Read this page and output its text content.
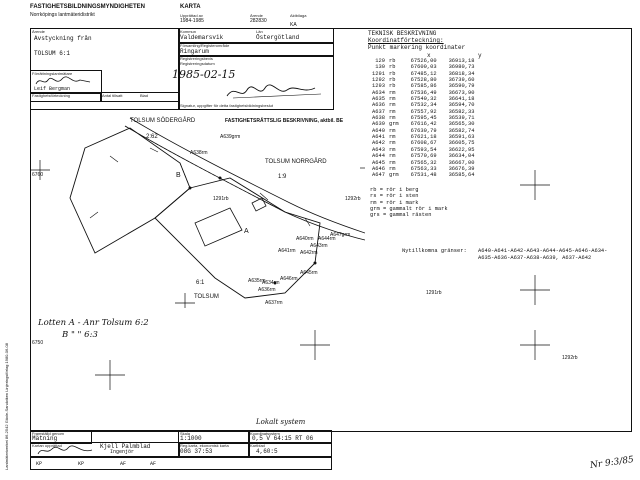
FASTIGHETSBILDNINGSMYNDIGHETEN
Norrköpings lantmäteridistrikt
KARTA
Upprättad av
1984-1985
Ärende
282830
Aktbilaga
KA
Ärende
Avstyckning från
TOLSUM 6:1
Kommun
Valdemarsvik
Län
Östergötland
Församling/Registerområde
Ringarum
Registreringsbevis
Registreringsdatum
1985-02-15
Signatur, uppgifter för detta fastighetsbildningsbeslut
Förrättningslantmätare
Leif Bergman
Fastighetsförteckning	Antal tillsatt	Blad
FASTIGHETSRÄTTSLIG BESKRIVNING, aktbil. BE
TOLSUM SÖDERGÅRD
2:62
B
TOLSUM NORRGÅRD
1:9
A
6:1
TOLSUM
1291rb	1292rb
A638rm
A639grm
A640rm
A641rm A642rm
A643rm
A644rm
A645rm
A646rm
A647grm
A634rm
A635rm
A636rm
A637rm
1291rb
6760
6750
1292rb
Lotten A - Anr Tolsum 6:2
B " " 6:3
TEKNISK BESKRIVNING
Koordinatförteckning:
Punkt markering koordinater
x	y
129	rb	67526,00	36913,18
130	rb	67600,03	36980,73
1291	rb	67485,12	36818,34
1292	rb	67528,80	36739,60
1293	rb	67585,86	36590,79
A634	rm	67536,49	36673,90
A635	rm	67540,32	36641,18
A636	rm	67532,34	36594,70
A637	rm	67557,92	36582,33
A638	rm	67595,45	36539,71
A639	grm	67616,42	36565,30
A640	rm	67630,79	36582,74
A641	rm	67621,18	36591,63
A642	rm	67608,67	36605,75
A643	rm	67593,54	36622,95
A644	rm	67570,69	36634,04
A645	rm	67565,32	36667,00
A646	rm	67563,33	36676,39
A647	grm	67531,48	36585,64
rb = rör i berg
rs = rör i sten
rm = rör i mark
grm = gammalt rör i mark
grs = gammal rästen
Nytillkomna gränser: A640-A641-A642-A643-A644-A645-A646-A634-
A635-A636-A637-A638-A639, A637-A642
Lantmäteriverket 86-2542 Gävle-Sandviken Linjeringsförlag 1980-06-08	Framställd genom
Mätning
Kartan upprättad	Kjell Palmblad
Ingenjör
Skala
1:1000
Lokalt system
Koordinatsystem
0,5 V 64:15 RT 06
Reg.karta, ekonomisk karta
08G 37:53
Kartblad
4,60:5
KP	KP	AF	AF	Nr 9:3/85
